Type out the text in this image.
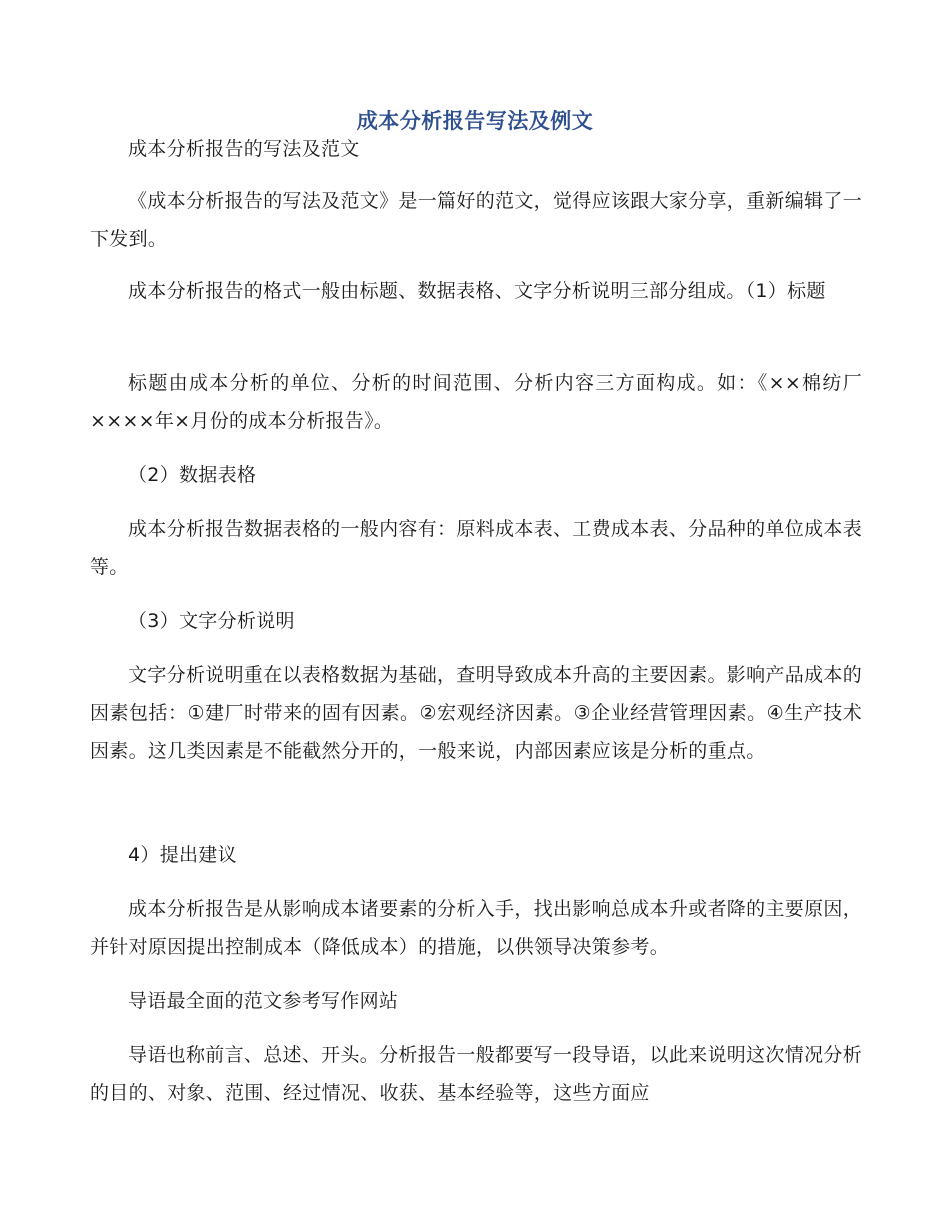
成本分析报告写法及例文

成本分析报告的写法及范文

《成本分析报告的写法及范文》是一篇好的范文，觉得应该跟大家分享，重新编辑了一下发到。

成本分析报告的格式一般由标题、数据表格、文字分析说明三部分组成。（1）标题

标题由成本分析的单位、分析的时间范围、分析内容三方面构成。如：《××棉纺厂××××年×月份的成本分析报告》。

（2）数据表格

成本分析报告数据表格的一般内容有：原料成本表、工费成本表、分品种的单位成本表等。

（3）文字分析说明

文字分析说明重在以表格数据为基础，查明导致成本升高的主要因素。影响产品成本的因素包括：①建厂时带来的固有因素。②宏观经济因素。③企业经营管理因素。④生产技术因素。这几类因素是不能截然分开的，一般来说，内部因素应该是分析的重点。

4）提出建议

成本分析报告是从影响成本诸要素的分析入手，找出影响总成本升或者降的主要原因，并针对原因提出控制成本（降低成本）的措施，以供领导决策参考。

导语最全面的范文参考写作网站

导语也称前言、总述、开头。分析报告一般都要写一段导语，以此来说明这次情况分析的目的、对象、范围、经过情况、收获、基本经验等，这些方面应
